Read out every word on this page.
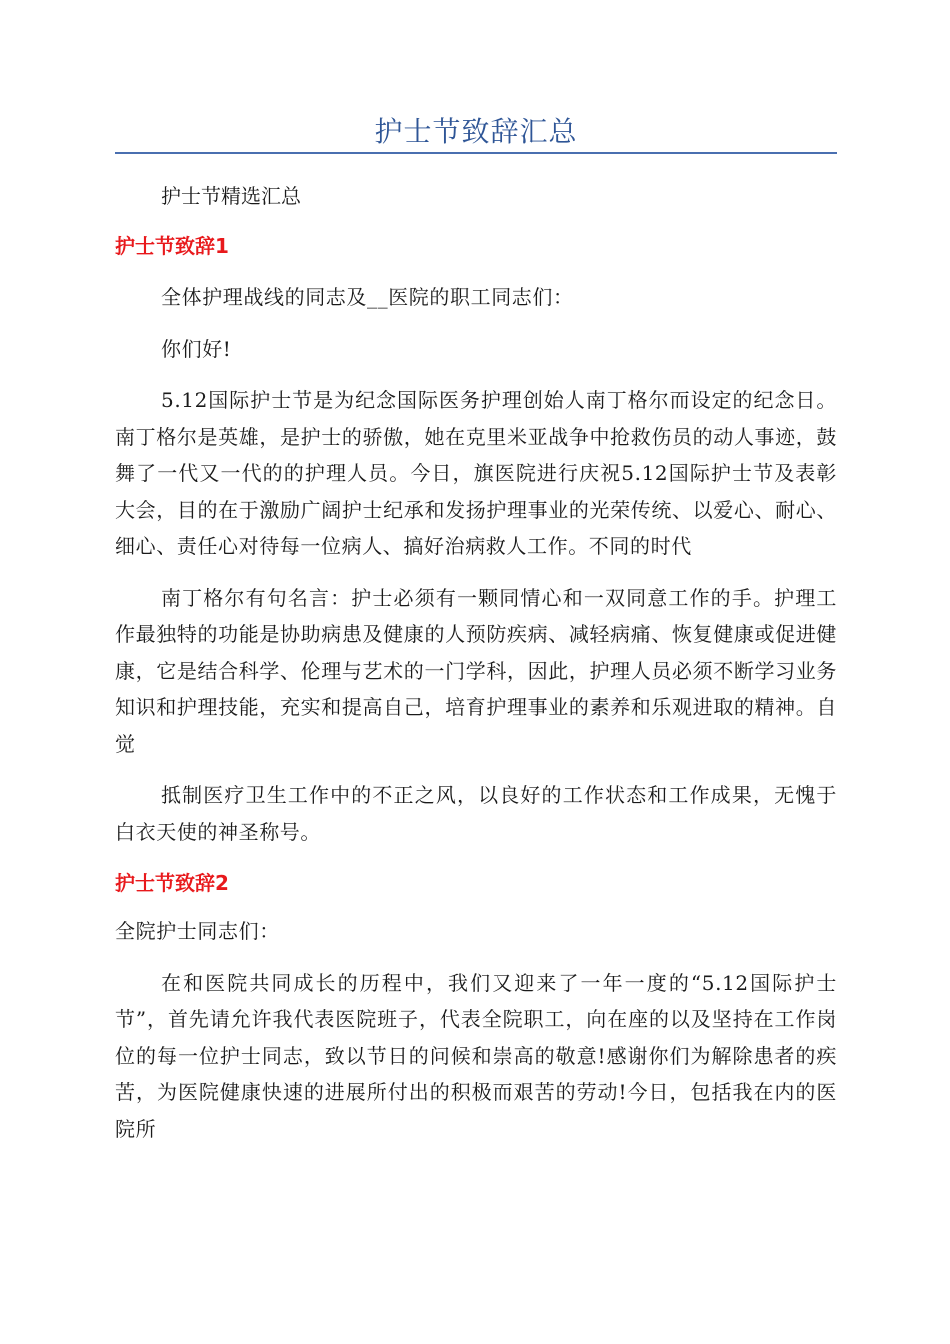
护士节致辞汇总
护士节精选汇总
护士节致辞1
全体护理战线的同志及__医院的职工同志们：
你们好!
5.12国际护士节是为纪念国际医务护理创始人南丁格尔而设定的纪念日。南丁格尔是英雄，是护士的骄傲，她在克里米亚战争中抢救伤员的动人事迹，鼓舞了一代又一代的的护理人员。今日，旗医院进行庆祝5.12国际护士节及表彰大会，目的在于激励广阔护士纪承和发扬护理事业的光荣传统、以爱心、耐心、细心、责任心对待每一位病人、搞好治病救人工作。不同的时代
南丁格尔有句名言：护士必须有一颗同情心和一双同意工作的手。护理工作最独特的功能是协助病患及健康的人预防疾病、减轻病痛、恢复健康或促进健康，它是结合科学、伦理与艺术的一门学科，因此，护理人员必须不断学习业务知识和护理技能，充实和提高自己，培育护理事业的素养和乐观进取的精神。自觉
抵制医疗卫生工作中的不正之风，以良好的工作状态和工作成果，无愧于白衣天使的神圣称号。
护士节致辞2
全院护士同志们：
在和医院共同成长的历程中，我们又迎来了一年一度的“5.12国际护士节”，首先请允许我代表医院班子，代表全院职工，向在座的以及坚持在工作岗位的每一位护士同志，致以节日的问候和崇高的敬意!感谢你们为解除患者的疾苦，为医院健康快速的进展所付出的积极而艰苦的劳动!今日，包括我在内的医院所
